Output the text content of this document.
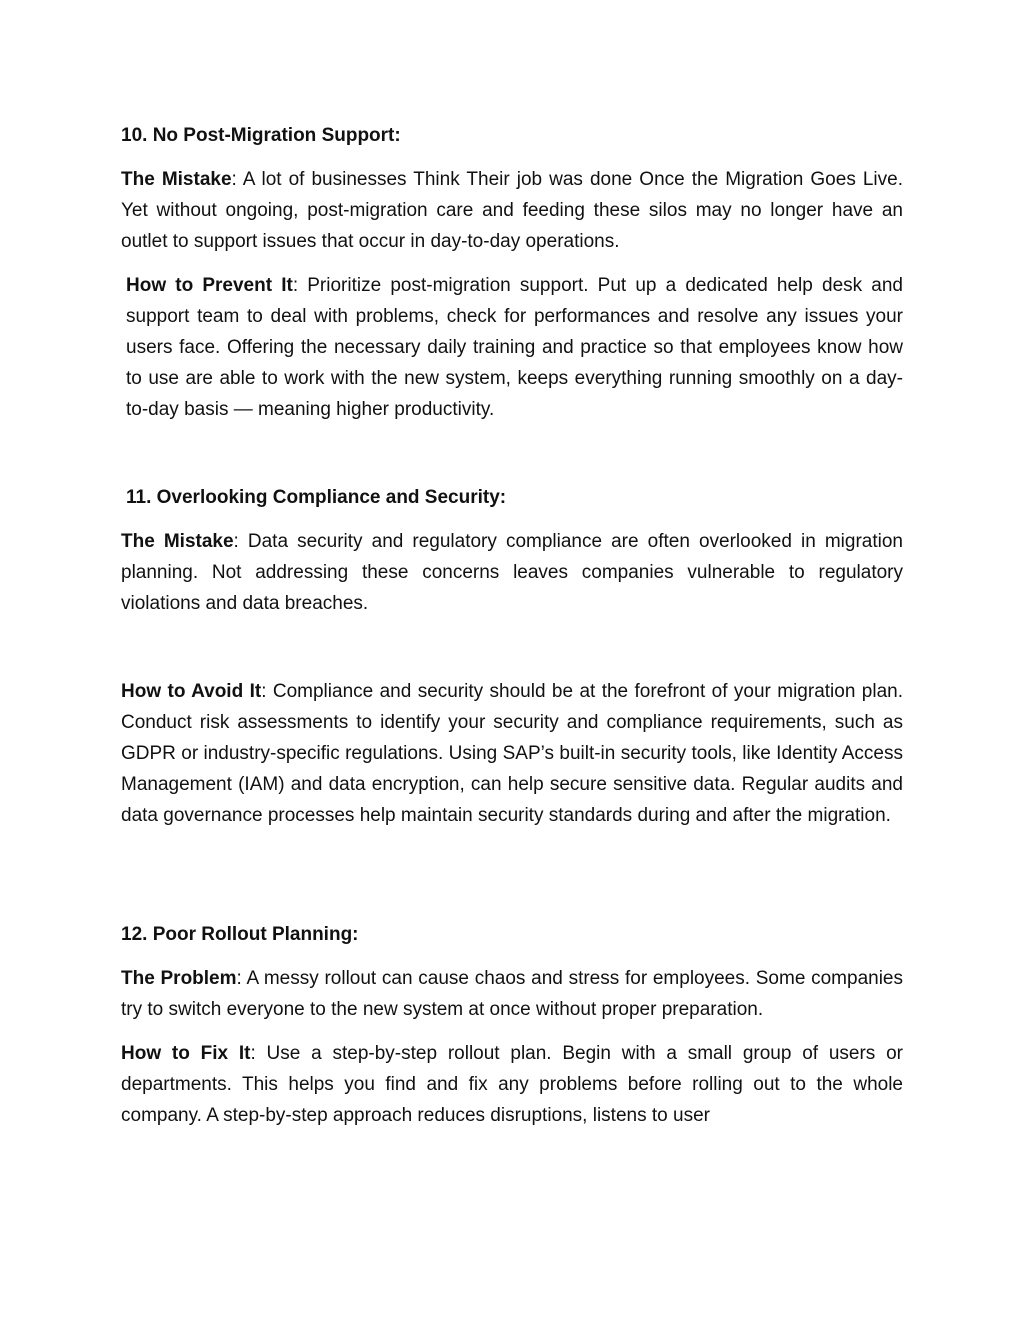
10. No Post-Migration Support:

The Mistake: A lot of businesses Think Their job was done Once the Migration Goes Live. Yet without ongoing, post-migration care and feeding these silos may no longer have an outlet to support issues that occur in day-to-day operations.

How to Prevent It: Prioritize post-migration support. Put up a dedicated help desk and support team to deal with problems, check for performances and resolve any issues your users face. Offering the necessary daily training and practice so that employees know how to use are able to work with the new system, keeps everything running smoothly on a day-to-day basis — meaning higher productivity.

11. Overlooking Compliance and Security:

The Mistake: Data security and regulatory compliance are often overlooked in migration planning. Not addressing these concerns leaves companies vulnerable to regulatory violations and data breaches.

How to Avoid It: Compliance and security should be at the forefront of your migration plan. Conduct risk assessments to identify your security and compliance requirements, such as GDPR or industry-specific regulations. Using SAP’s built-in security tools, like Identity Access Management (IAM) and data encryption, can help secure sensitive data. Regular audits and data governance processes help maintain security standards during and after the migration.

12. Poor Rollout Planning:

The Problem: A messy rollout can cause chaos and stress for employees. Some companies try to switch everyone to the new system at once without proper preparation.

How to Fix It: Use a step-by-step rollout plan. Begin with a small group of users or departments. This helps you find and fix any problems before rolling out to the whole company. A step-by-step approach reduces disruptions, listens to user
